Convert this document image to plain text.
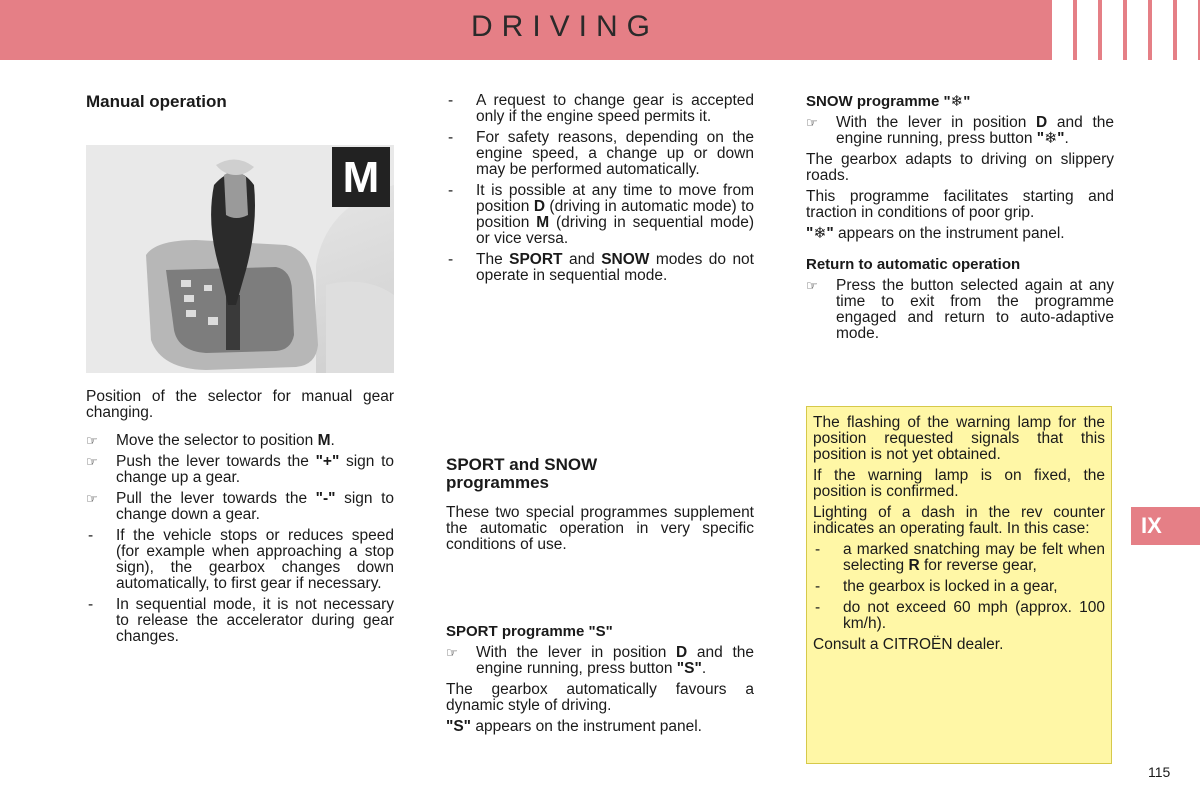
DRIVING
Manual operation
M

Position of the selector for manual gear changing.

☞	Move the selector to position M.
☞	Push the lever towards the "+" sign to change up a gear.
☞	Pull the lever towards the "-" sign to change down a gear.
- If the vehicle stops or reduces speed (for example when approaching a stop sign), the gearbox changes down automatically, to first gear if necessary.
- In sequential mode, it is not necessary to release the accelerator during gear changes.
- A request to change gear is accepted only if the engine speed permits it.
- For safety reasons, depending on the engine speed, a change up or down may be performed automatically.
- It is possible at any time to move from position D (driving in automatic mode) to position M (driving in sequential mode) or vice versa.
- The SPORT and SNOW modes do not operate in sequential mode.
SPORT and SNOW programmes

These two special programmes supplement the automatic operation in very specific conditions of use.

SPORT programme "S"
☞	With the lever in position D and the engine running, press button "S".

The gearbox automatically favours a dynamic style of driving.

"S" appears on the instrument panel.

SNOW programme "❄"
☞	With the lever in position D and the engine running, press button "❄".

The gearbox adapts to driving on slippery roads.

This programme facilitates starting and traction in conditions of poor grip.

"❄" appears on the instrument panel.

Return to automatic operation
☞	Press the button selected again at any time to exit from the programme engaged and return to auto-adaptive mode.

The flashing of the warning lamp for the position requested signals that this position is not yet obtained.

If the warning lamp is on fixed, the position is confirmed.

Lighting of a dash in the rev counter indicates an operating fault. In this case:

- a marked snatching may be felt when selecting R for reverse gear,
- the gearbox is locked in a gear,
- do not exceed 60 mph (approx. 100 km/h).

Consult a CITROËN dealer.

IX
115
